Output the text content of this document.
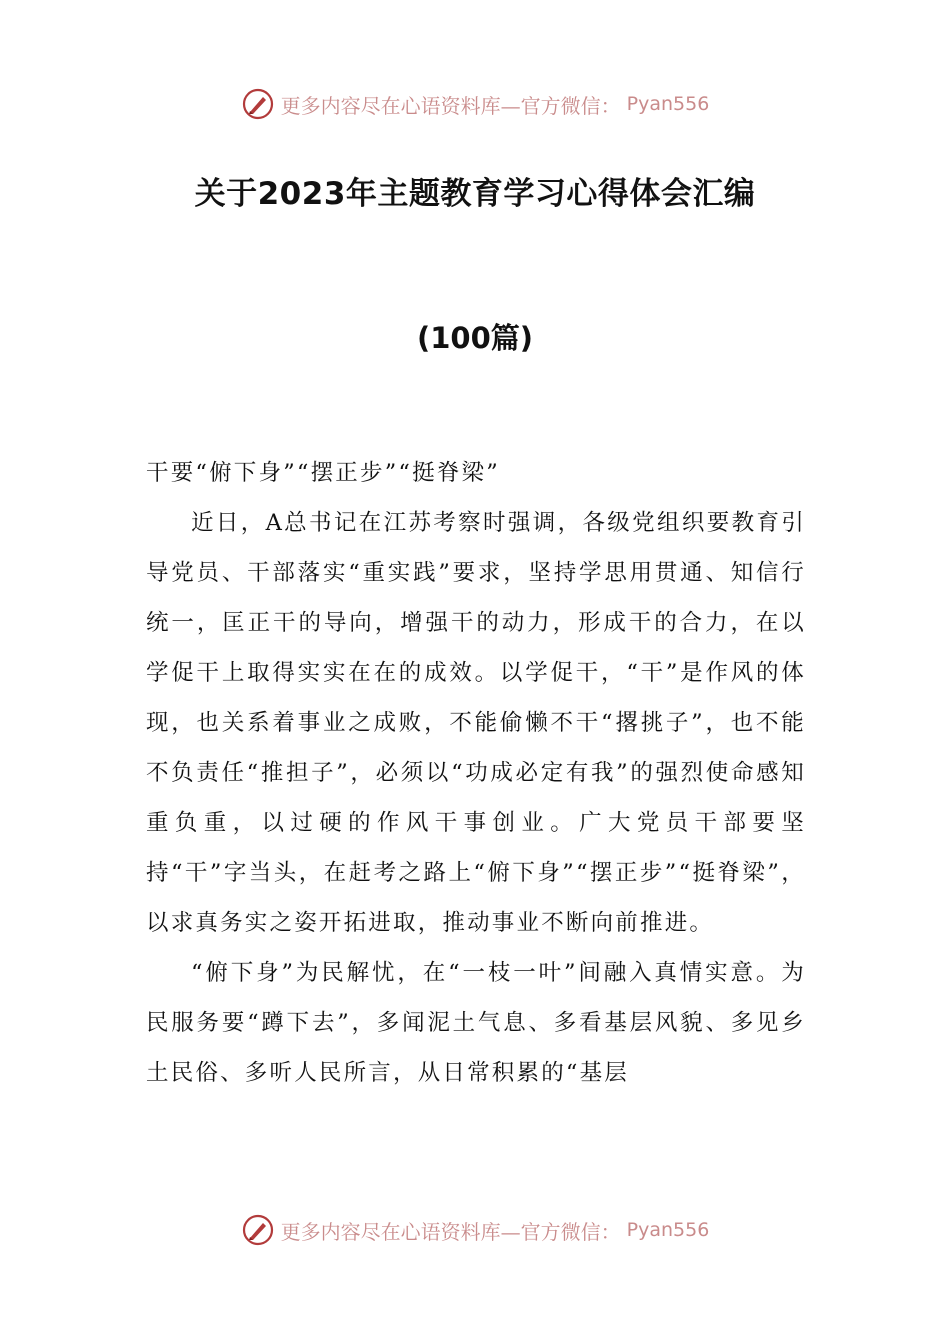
更多内容尽在心语资料库—官方微信： Pyan556
关于2023年主题教育学习心得体会汇编
(100篇)

干要“俯下身”“摆正步”“挺脊梁”

近日，A总书记在江苏考察时强调，各级党组织要教育引导党员、干部落实“重实践”要求，坚持学思用贯通、知信行统一，匡正干的导向，增强干的动力，形成干的合力，在以学促干上取得实实在在的成效。以学促干，“干”是作风的体现，也关系着事业之成败，不能偷懒不干“撂挑子”，也不能不负责任“推担子”，必须以“功成必定有我”的强烈使命感知重负重，以过硬的作风干事创业。广大党员干部要坚持“干”字当头，在赶考之路上“俯下身”“摆正步”“挺脊梁”，以求真务实之姿开拓进取，推动事业不断向前推进。

“俯下身”为民解忧，在“一枝一叶”间融入真情实意。为民服务要“蹲下去”，多闻泥土气息、多看基层风貌、多见乡土民俗、多听人民所言，从日常积累的“基层

更多内容尽在心语资料库—官方微信： Pyan556
